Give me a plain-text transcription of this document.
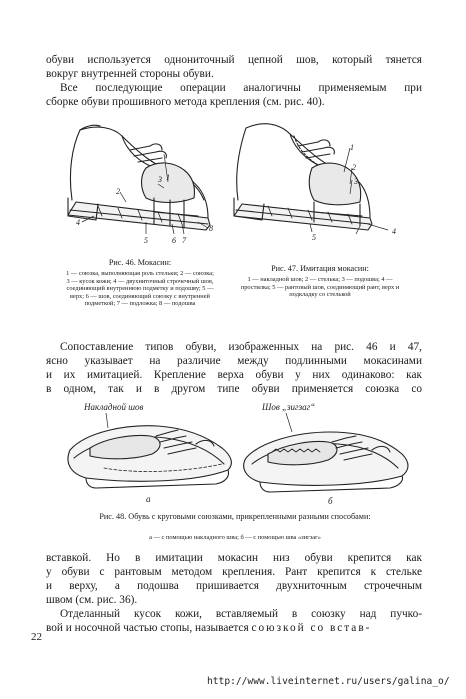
обуви используется однониточный цепной шов, который тянется
вокруг внутренней стороны обуви.
Все последующие операции аналогичны применяемым при
сборке обуви прошивного метода крепления (см. рис. 40).
1
2
3
4
5	6 7
8
Рис. 46. Мокасин:
1 — союзка, выполняющая роль стельки; 2 — союзка; 3 — кусок кожи; 4 — двухниточный строчечный шов, соединяющий внутреннюю подметку и подошву; 5 — верх; 6 — шов, соединяющий союзку с внутренней подметкой; 7 — подложка; 8 — подошва
1
2
3
4
5
Рис. 47. Имитация мокасин:
1 — накладной шов; 2 — стелька; 3 — подошва; 4 — простилка; 5 — рантовый шов, соединяющий рант, верх и подкладку со стелькой
Сопоставление типов обуви, изображенных на рис. 46 и 47,
ясно указывает на различие между подлинными мокасинами
и их имитацией. Крепление верха обуви у них одинаково: как
в одном, так и в другом типе обуви применяется союзка со
Накладной шов	Шов „зигзаг“
а	б
Рис. 48. Обувь с круговыми союзками, прикрепленными разными способами:
а — с помощью накладного шва; б — с помощью шва «зигзаг»
вставкой. Но в имитации мокасин низ обуви крепится как
у обуви с рантовым методом крепления. Рант крепится к стельке
и верху, а подошва пришивается двухниточным строчечным
швом (см. рис. 36).
Отделанный кусок кожи, вставляемый в союзку над пучко-
вой и носочной частью стопы, называется союзкой со встав-
22
http://www.liveinternet.ru/users/galina_o/
